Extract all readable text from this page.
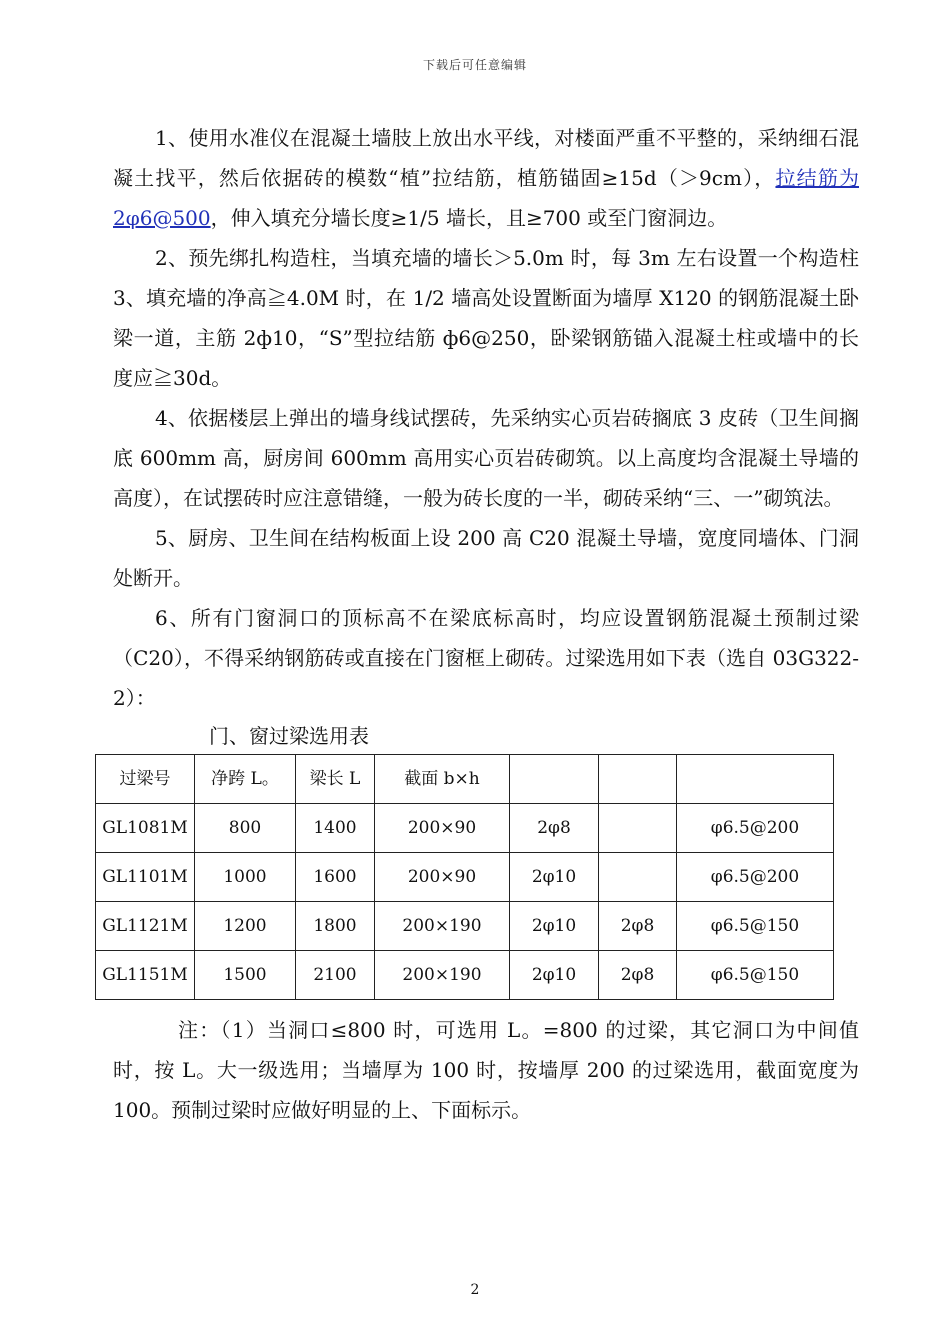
下载后可任意编辑

1、使用水准仪在混凝土墙肢上放出水平线，对楼面严重不平整的，采纳细石混凝土找平，然后依据砖的模数“植”拉结筋，植筋锚固≥15d（＞9cm），拉结筋为 2φ6@500，伸入填充分墙长度≥1/5 墙长，且≥700 或至门窗洞边。

2、预先绑扎构造柱，当填充墙的墙长＞5.0m 时，每 3m 左右设置一个构造柱 3、填充墙的净高≧4.0M 时，在 1/2 墙高处设置断面为墙厚 X120 的钢筋混凝土卧梁一道，主筋 2ф10，“S”型拉结筋 ф6@250，卧梁钢筋锚入混凝土柱或墙中的长度应≧30d。

4、依据楼层上弹出的墙身线试摆砖，先采纳实心页岩砖搁底 3 皮砖（卫生间搁底 600mm 高，厨房间 600mm 高用实心页岩砖砌筑。以上高度均含混凝土导墙的高度），在试摆砖时应注意错缝，一般为砖长度的一半，砌砖采纳“三、一”砌筑法。

5、厨房、卫生间在结构板面上设 200 高 C20 混凝土导墙，宽度同墙体、门洞处断开。

6、所有门窗洞口的顶标高不在梁底标高时，均应设置钢筋混凝土预制过梁（C20），不得采纳钢筋砖或直接在门窗框上砌砖。过梁选用如下表（选自 03G322-2）：

门、窗过梁选用表

过梁号	净跨 L。	梁长 L	截面 b×h			
GL1081M	800	1400	200×90	2φ8		φ6.5@200
GL1101M	1000	1600	200×90	2φ10		φ6.5@200
GL1121M	1200	1800	200×190	2φ10	2φ8	φ6.5@150
GL1151M	1500	2100	200×190	2φ10	2φ8	φ6.5@150

注：（1）当洞口≤800 时，可选用 L。=800 的过梁，其它洞口为中间值时，按 L。大一级选用；当墙厚为 100 时，按墙厚 200 的过梁选用，截面宽度为 100。预制过梁时应做好明显的上、下面标示。

2
